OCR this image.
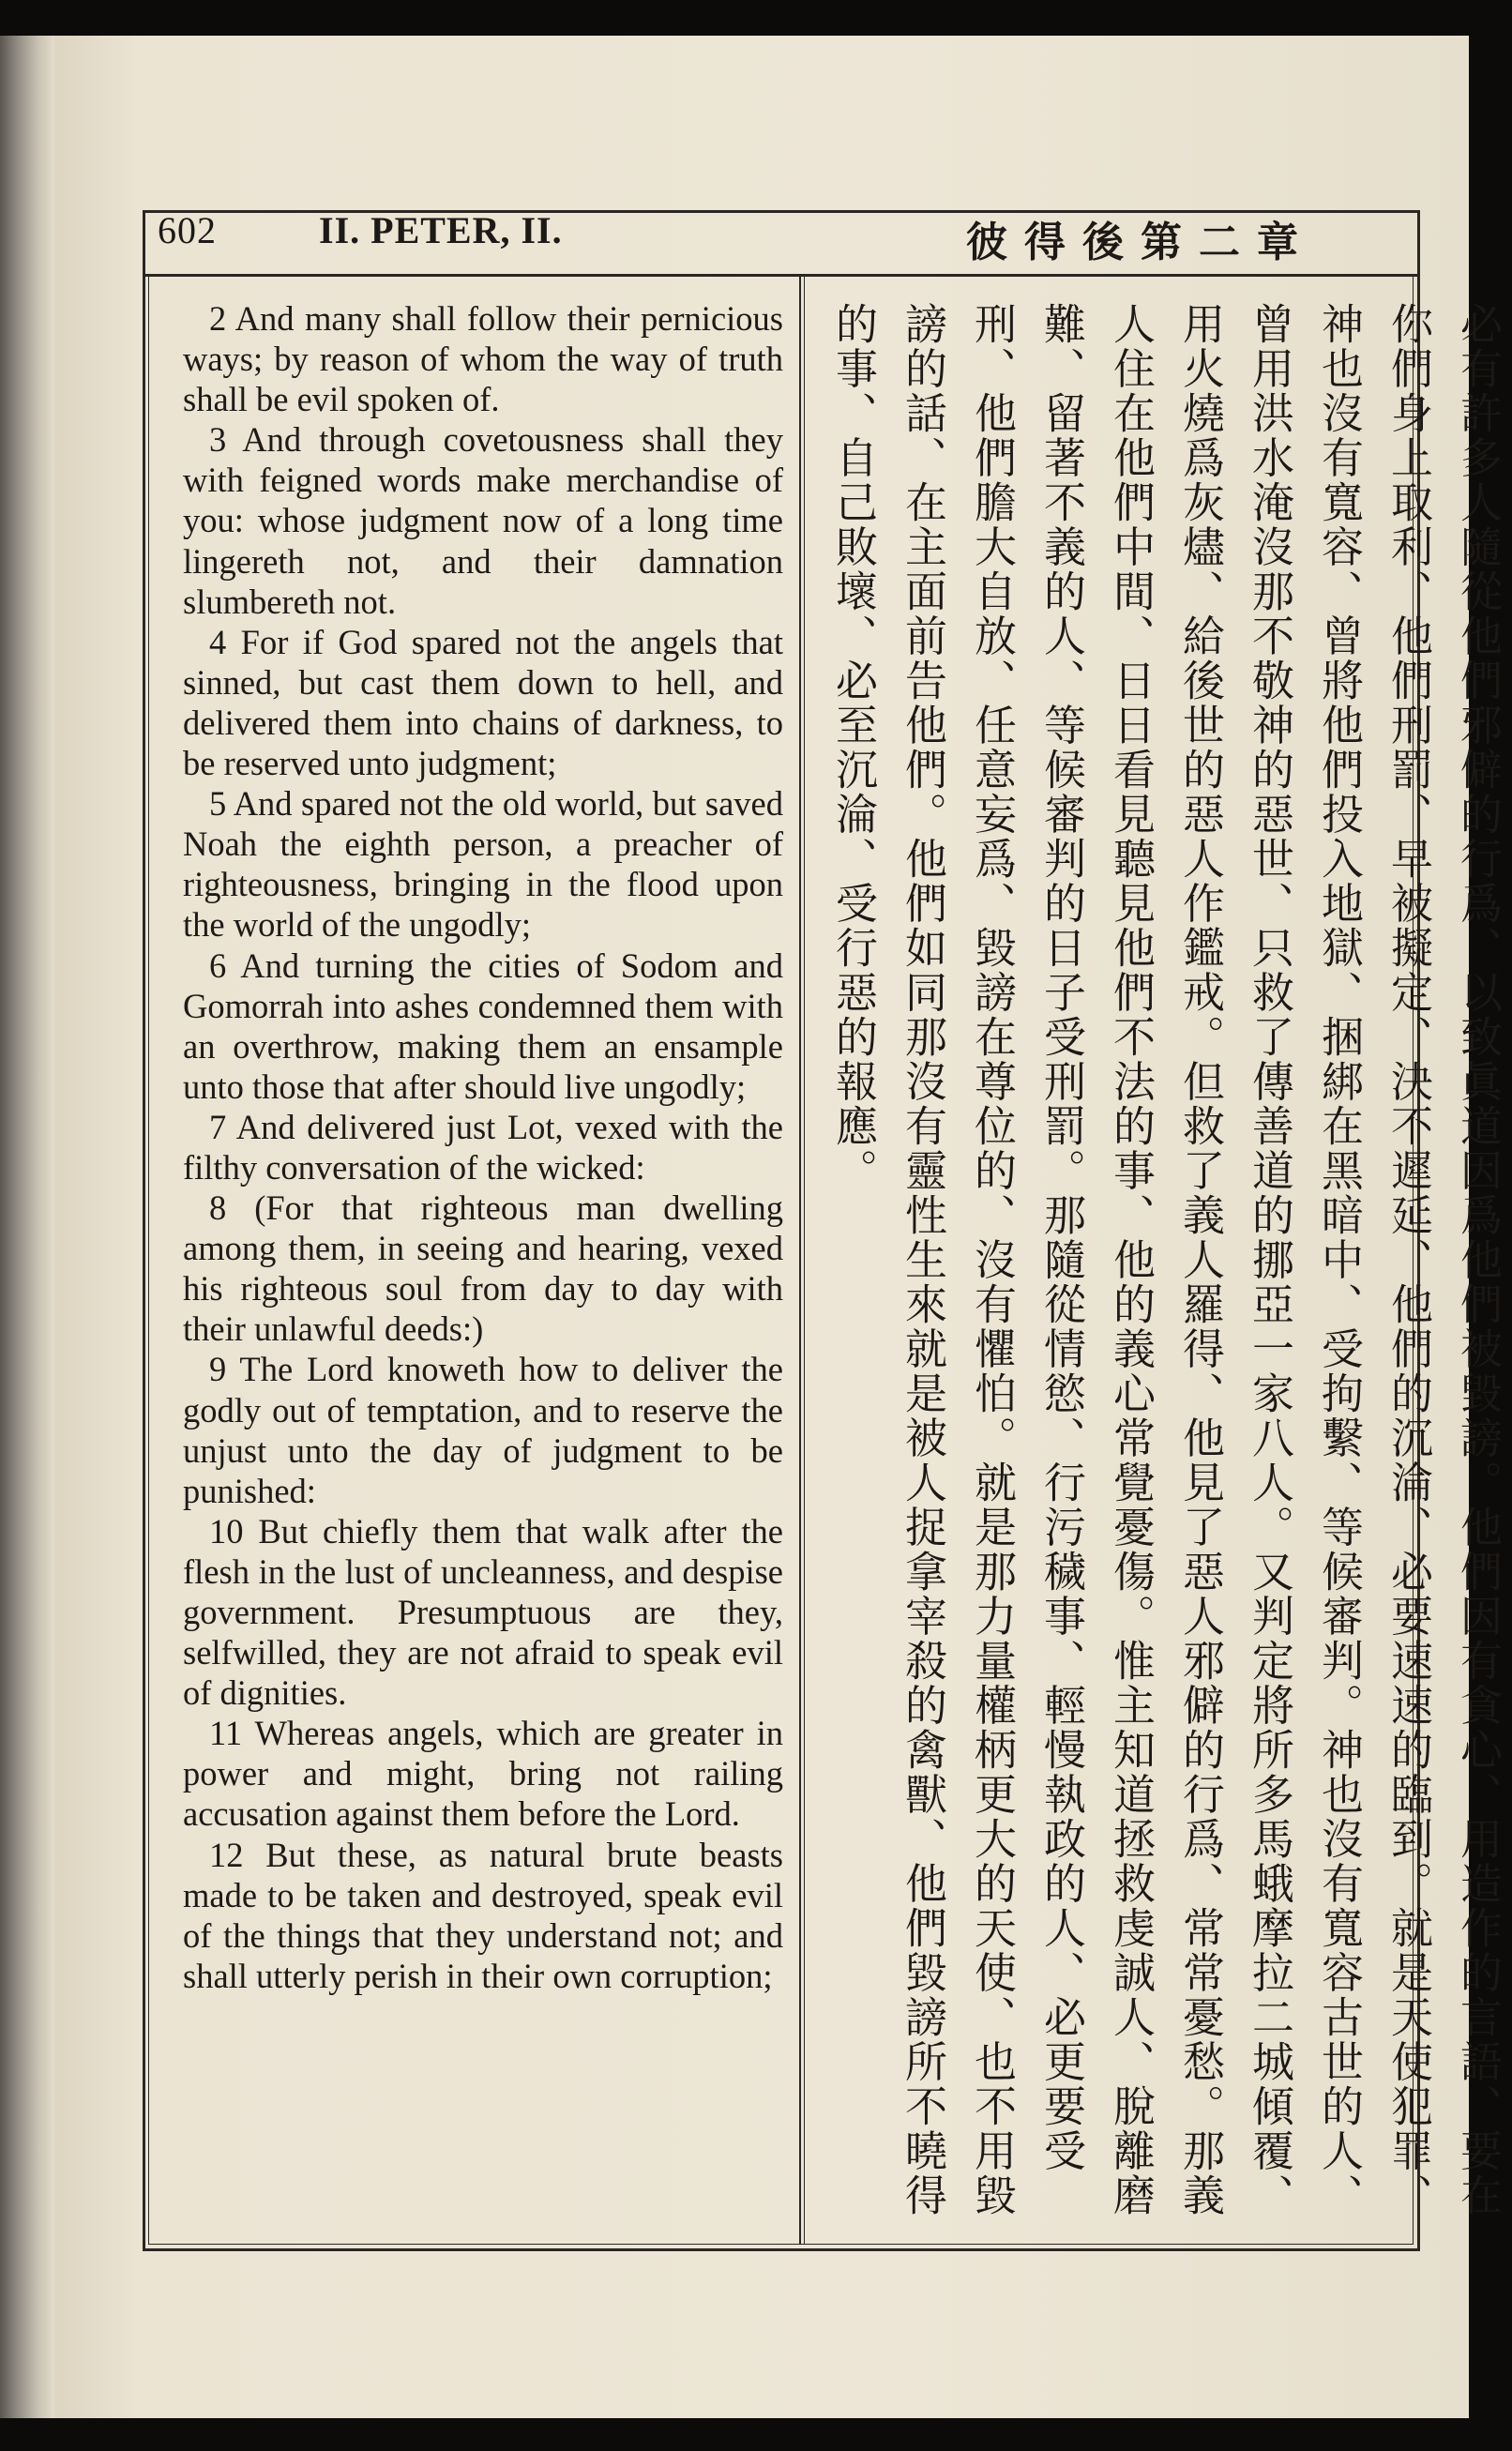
602	II. PETER, II.	彼得後第二章

2 And many shall follow their pernicious ways; by reason of whom the way of truth shall be evil spoken of.

3 And through covetousness shall they with feigned words make merchandise of you: whose judgment now of a long time lingereth not, and their damnation slumbereth not.

4 For if God spared not the angels that sinned, but cast them down to hell, and delivered them into chains of darkness, to be reserved unto judgment;

5 And spared not the old world, but saved Noah the eighth person, a preacher of righteousness, bringing in the flood upon the world of the ungodly;

6 And turning the cities of Sodom and Gomorrah into ashes condemned them with an overthrow, making them an ensample unto those that after should live ungodly;

7 And delivered just Lot, vexed with the filthy conversation of the wicked:

8 (For that righteous man dwelling among them, in seeing and hearing, vexed his righteous soul from day to day with their unlawful deeds:)

9 The Lord knoweth how to deliver the godly out of temptation, and to reserve the unjust unto the day of judgment to be punished:

10 But chiefly them that walk after the flesh in the lust of uncleanness, and despise government. Presumptuous are they, selfwilled, they are not afraid to speak evil of dignities.

11 Whereas angels, which are greater in power and might, bring not railing accusation against them before the Lord.

12 But these, as natural brute beasts made to be taken and destroyed, speak evil of the things that they understand not; and shall utterly perish in their own corruption;	必有許多人隨從他們邪僻的行爲、以致眞道因爲他們被毀謗。他們因有貪心、用造作的言語、要在你們身上取利、他們刑罰、早被擬定、決不遲延、他們的沉淪、必要速速的臨到。就是天使犯罪、神也沒有寬容、曾將他們投入地獄、捆綁在黑暗中、受拘繫、等候審判。神也沒有寬容古世的人、曾用洪水淹沒那不敬神的惡世、只救了傳善道的挪亞一家八人。又判定將所多馬蛾摩拉二城傾覆、用火燒爲灰燼、給後世的惡人作鑑戒。但救了義人羅得、他見了惡人邪僻的行爲、常常憂愁。那義人住在他們中間、日日看見聽見他們不法的事、他的義心常覺憂傷。惟主知道拯救虔誠人、脫離磨難、留著不義的人、等候審判的日子受刑罰。那隨從情慾、行污穢事、輕慢執政的人、必更要受刑、他們膽大自放、任意妄爲、毀謗在尊位的、沒有懼怕。就是那力量權柄更大的天使、也不用毀謗的話、在主面前告他們。他們如同那沒有靈性生來就是被人捉拿宰殺的禽獸、他們毀謗所不曉得的事、自己敗壞、必至沉淪、受行惡的報應。
